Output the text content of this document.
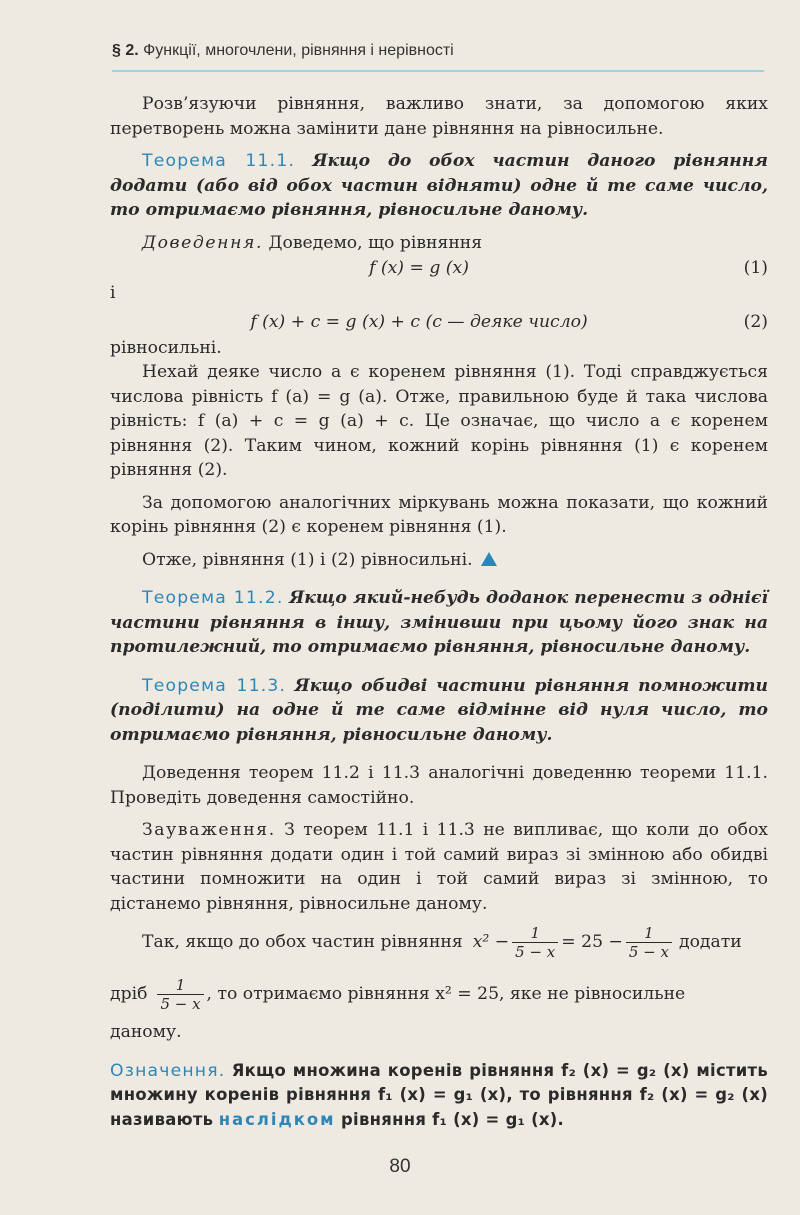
§ 2. Функції, многочлени, рівняння і нерівності

Розв’язуючи рівняння, важливо знати, за допомогою яких перетворень можна замінити дане рівняння на рівносильне.

Теорема 11.1. Якщо до обох частин даного рівняння додати (або від обох частин відняти) одне й те саме число, то отримаємо рівняння, рівносильне даному.

Доведення. Доведемо, що рівняння

f (x) = g (x)	(1)

і

f (x) + c = g (x) + c (c — деяке число)	(2)

рівносильні.

Нехай деяке число a є коренем рівняння (1). Тоді справджується числова рівність f (a) = g (a). Отже, правильною буде й така числова рівність: f (a) + c = g (a) + c. Це означає, що число a є коренем рівняння (2). Таким чином, кожний корінь рівняння (1) є коренем рівняння (2).

За допомогою аналогічних міркувань можна показати, що кожний корінь рівняння (2) є коренем рівняння (1).

Отже, рівняння (1) і (2) рівносильні.

Теорема 11.2. Якщо який-небудь доданок перенести з однієї частини рівняння в іншу, змінивши при цьому його знак на протилежний, то отримаємо рівняння, рівносильне даному.

Теорема 11.3. Якщо обидві частини рівняння помножити (поділити) на одне й те саме відмінне від нуля число, то отримаємо рівняння, рівносильне даному.

Доведення теорем 11.2 і 11.3 аналогічні доведенню теореми 11.1. Проведіть доведення самостійно.

Зауваження. З теорем 11.1 і 11.3 не випливає, що коли до обох частин рівняння додати один і той самий вираз зі змінною або обидві частини помножити на один і той самий вираз зі змінною, то дістанемо рівняння, рівносильне даному.

Так, якщо до обох частин рівняння $x^2 - \frac{1}{5 - x} = 25 - \frac{1}{5 - x}$ додати
дріб $\frac{1}{5 - x}$ , то отримаємо рівняння x² = 25, яке не рівносильне

даному.

Означення. Якщо множина коренів рівняння f₂ (x) = g₂ (x) містить множину коренів рівняння f₁ (x) = g₁ (x), то рівняння f₂ (x) = g₂ (x) називають наслідком рівняння f₁ (x) = g₁ (x).

80
